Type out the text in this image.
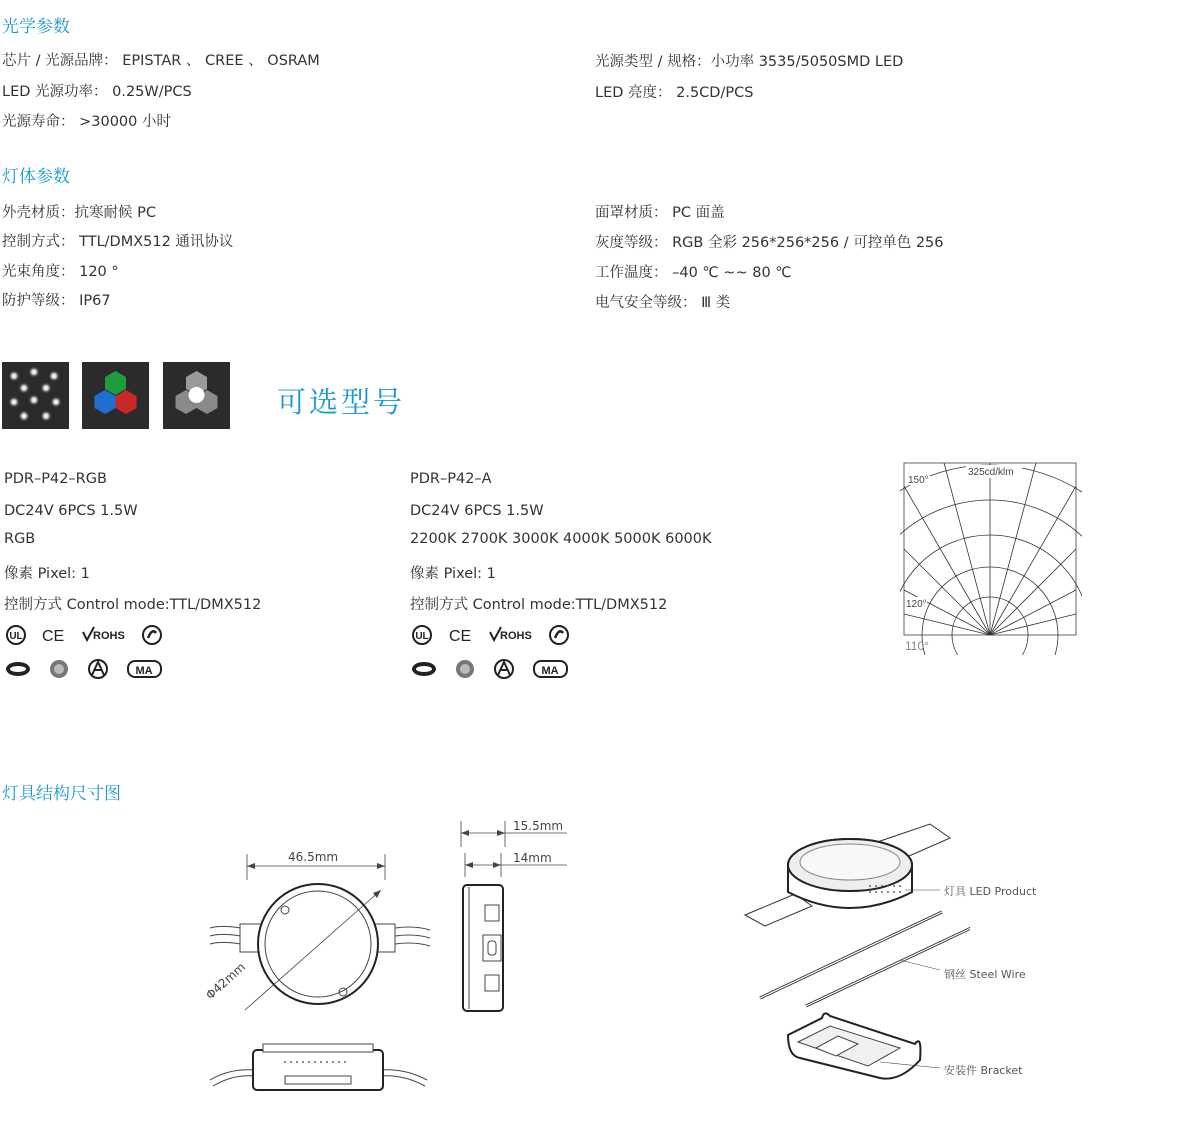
光学参数
芯片 / 光源品牌： EPISTAR 、 CREE 、 OSRAM
LED 光源功率： 0.25W/PCS
光源寿命： >30000 小时
光源类型 / 规格：小功率 3535/5050SMD LED
LED 亮度： 2.5CD/PCS
灯体参数
外壳材质：抗寒耐候 PC
控制方式： TTL/DMX512 通讯协议
光束角度： 120 °
防护等级： IP67
面罩材质： PC 面盖
灰度等级： RGB 全彩 256*256*256 / 可控单色 256
工作温度： –40 ℃ ~~ 80 ℃
电气安全等级： Ⅲ 类
可选型号
PDR–P42–RGB
DC24V 6PCS 1.5W
RGB
像素 Pixel: 1
控制方式 Control mode:TTL/DMX512
UL CE	ROHS
MA
PDR–P42–A
DC24V 6PCS 1.5W
2200K 2700K 3000K 4000K 5000K 6000K
像素 Pixel: 1
控制方式 Control mode:TTL/DMX512
UL CE	ROHS
MA
150°
325cd/klm
120°
110°
灯具结构尺寸图
46.5mm
Φ42mm
15.5mm
14mm
灯具 LED Product
钢丝 Steel Wire
安装件 Bracket
